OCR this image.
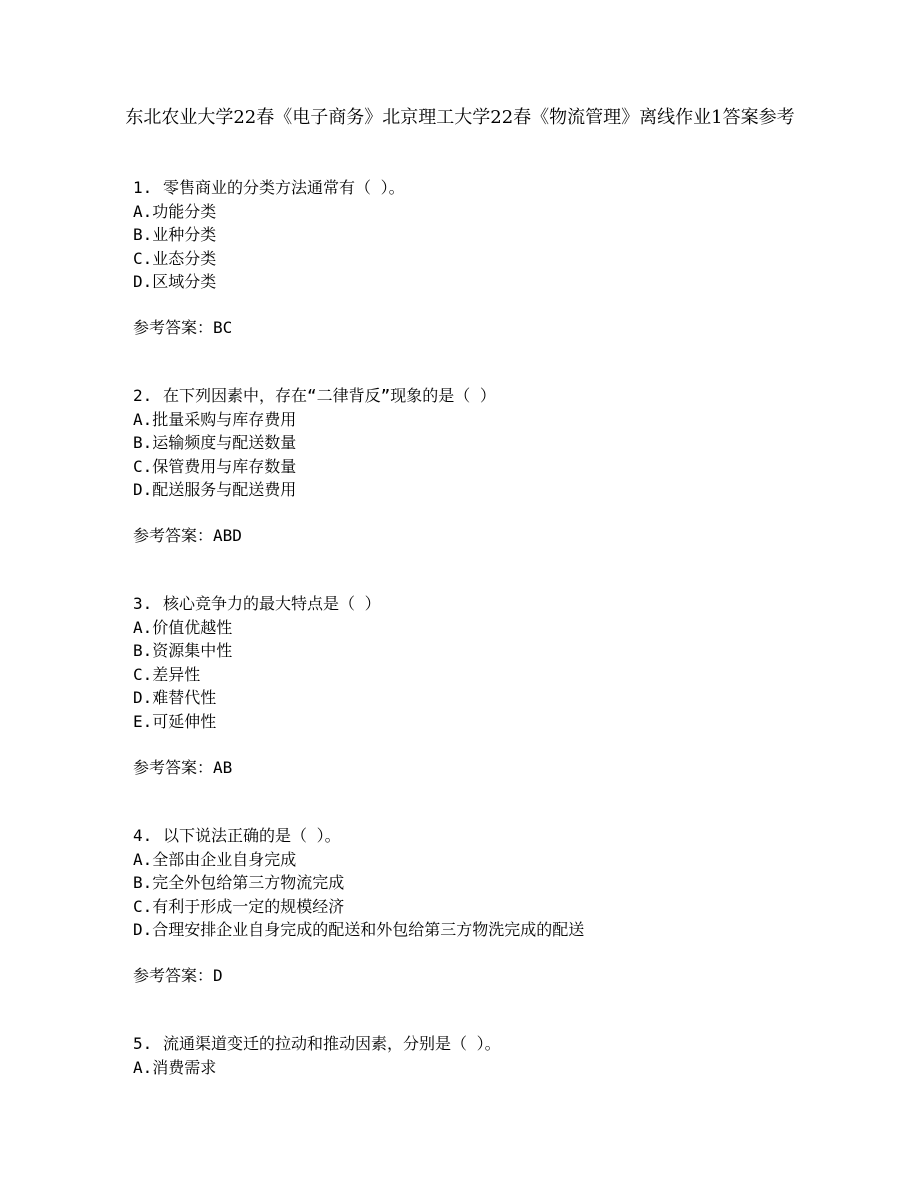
东北农业大学22春《电子商务》北京理工大学22春《物流管理》离线作业1答案参考
1. 零售商业的分类方法通常有（ ）。
A.功能分类
B.业种分类
C.业态分类
D.区域分类
参考答案：BC
2. 在下列因素中，存在“二律背反”现象的是（ ）
A.批量采购与库存费用
B.运输频度与配送数量
C.保管费用与库存数量
D.配送服务与配送费用
参考答案：ABD
3. 核心竞争力的最大特点是（ ）
A.价值优越性
B.资源集中性
C.差异性
D.难替代性
E.可延伸性
参考答案：AB
4. 以下说法正确的是（ ）。
A.全部由企业自身完成
B.完全外包给第三方物流完成
C.有利于形成一定的规模经济
D.合理安排企业自身完成的配送和外包给第三方物洗完成的配送
参考答案：D
5. 流通渠道变迁的拉动和推动因素，分别是（ ）。
A.消费需求
